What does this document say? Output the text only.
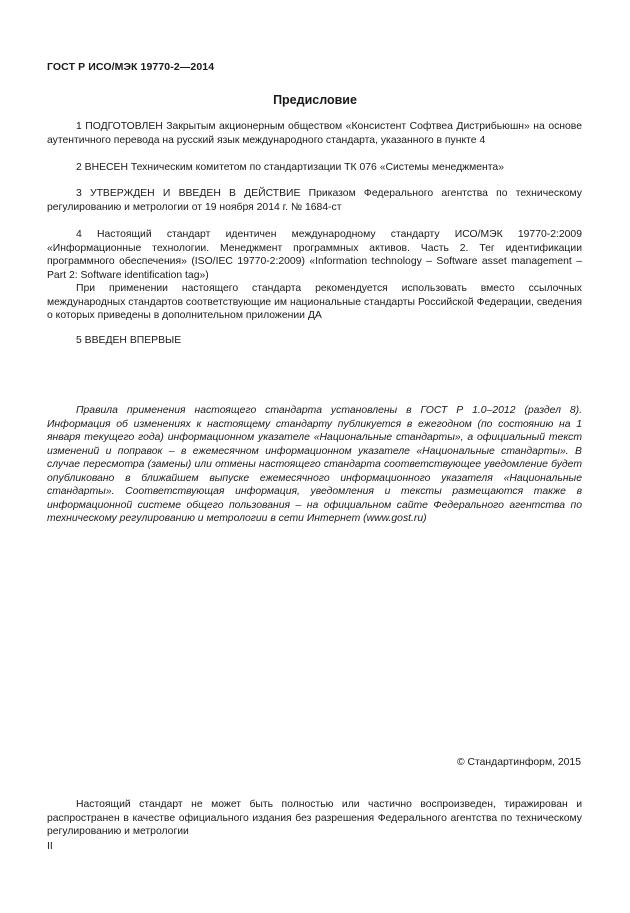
ГОСТ Р ИСО/МЭК 19770-2—2014
Предисловие

1 ПОДГОТОВЛЕН Закрытым акционерным обществом «Консистент Софтвеа Дистрибьюшн» на основе аутентичного перевода на русский язык международного стандарта, указанного в пункте 4

2 ВНЕСЕН Техническим комитетом по стандартизации ТК 076 «Системы менеджмента»

3 УТВЕРЖДЕН И ВВЕДЕН В ДЕЙСТВИЕ Приказом Федерального агентства по техническому регулированию и метрологии от 19 ноября 2014 г. № 1684-ст

4 Настоящий стандарт идентичен международному стандарту ИСО/МЭК 19770-2:2009 «Информационные технологии. Менеджмент программных активов. Часть 2. Тег идентификации программного обеспечения» (ISO/IEC 19770-2:2009) «Information technology – Software asset management – Part 2: Software identification tag»)

При применении настоящего стандарта рекомендуется использовать вместо ссылочных международных стандартов соответствующие им национальные стандарты Российской Федерации, сведения о которых приведены в дополнительном приложении ДА

5 ВВЕДЕН ВПЕРВЫЕ

Правила применения настоящего стандарта установлены в ГОСТ Р 1.0–2012 (раздел 8). Информация об изменениях к настоящему стандарту публикуется в ежегодном (по состоянию на 1 января текущего года) информационном указателе «Национальные стандарты», а официальный текст изменений и поправок – в ежемесячном информационном указателе «Национальные стандарты». В случае пересмотра (замены) или отмены настоящего стандарта соответствующее уведомление будет опубликовано в ближайшем выпуске ежемесячного информационного указателя «Национальные стандарты». Соответствующая информация, уведомления и тексты размещаются также в информационной системе общего пользования – на официальном сайте Федерального агентства по техническому регулированию и метрологии в сети Интернет (www.gost.ru)

© Стандартинформ, 2015

Настоящий стандарт не может быть полностью или частично воспроизведен, тиражирован и распространен в качестве официального издания без разрешения Федерального агентства по техническому регулированию и метрологии

II
